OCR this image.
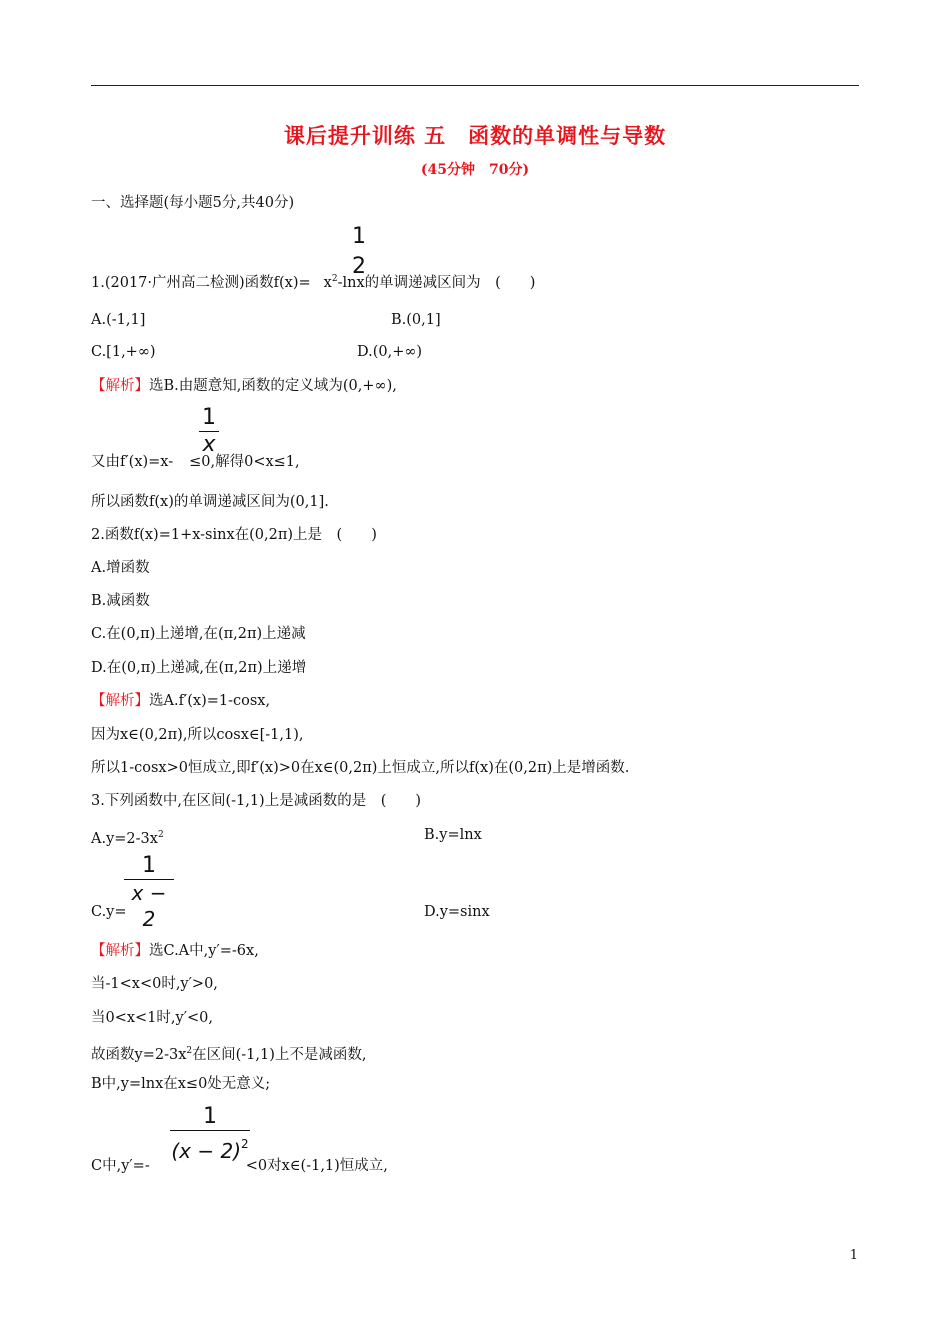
课后提升训练 五　函数的单调性与导数
(45分钟　70分)
一、选择题(每小题5分,共40分)
1
2
1.(2017·广州高二检测)函数$f(x)= x^2$-lnx的单调递减区间为　(　　)
A.(-1,1]	B.(0,1]
C.[1,+∞)	D.(0,+∞)
【解析】选B.由题意知,函数的定义域为(0,+∞),
1
x
又由f′(x)=x- ≤0,解得0<x≤1,
所以函数f(x)的单调递减区间为(0,1].
2.函数f(x)=1+x-sinx在(0,2π)上是　(　　)
A.增函数
B.减函数
C.在(0,π)上递增,在(π,2π)上递减
D.在(0,π)上递减,在(π,2π)上递增
【解析】选A.f′(x)=1-cosx,
因为x∈(0,2π),所以cosx∈[-1,1),
所以1-cosx>0恒成立,即f′(x)>0在x∈(0,2π)上恒成立,所以f(x)在(0,2π)上是增函数.
3.下列函数中,在区间(-1,1)上是减函数的是　(　　)
$A.y=2-3x^2$	B.y=lnx
1
x − 2
C.y=	D.y=sinx
【解析】选C.A中,y′=-6x,
当-1<x<0时,y′>0,
当0<x<1时,y′<0,
故函数$y=2-3x^2$在区间(-1,1)上不是减函数,
B中,y=lnx在x≤0处无意义;
1
$(x - 2)^2$
C中,y′=-	<0对x∈(-1,1)恒成立,
1
